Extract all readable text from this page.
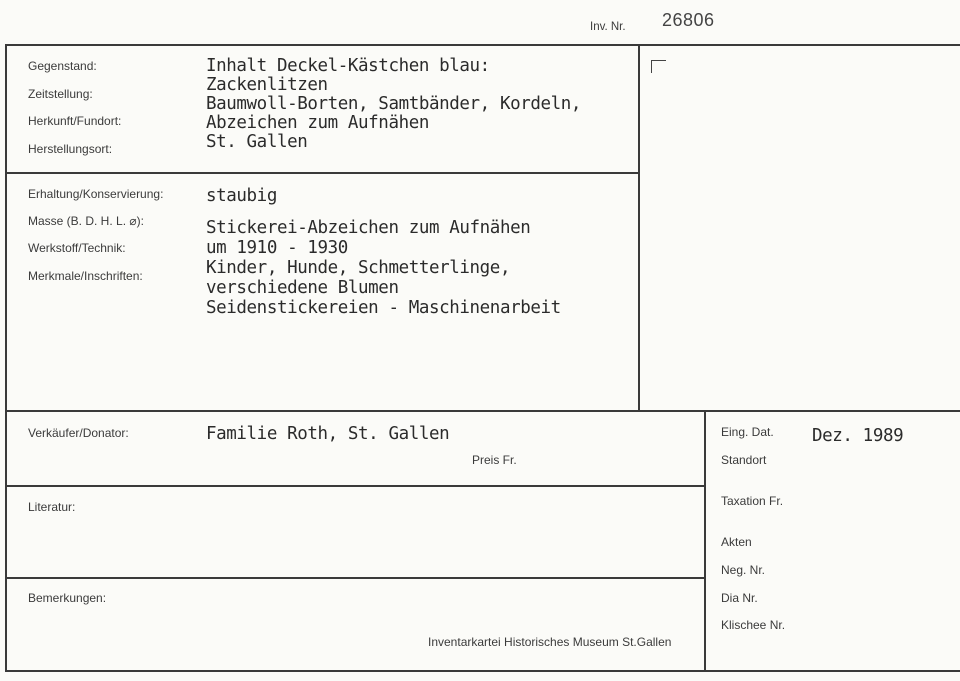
Inv. Nr. 26806
Gegenstand:
Zeitstellung:
Herkunft/Fundort:
Herstellungsort:
Inhalt Deckel-Kästchen blau:
Zackenlitzen
Baumwoll-Borten, Samtbänder, Kordeln,
Abzeichen zum Aufnähen
St. Gallen
Erhaltung/Konservierung:
Masse (B. D. H. L. ⌀):
Werkstoff/Technik:
Merkmale/Inschriften:
staubig
Stickerei-Abzeichen zum Aufnähen
um 1910 - 1930
Kinder, Hunde, Schmetterlinge,
verschiedene Blumen
Seidenstickereien - Maschinenarbeit
Verkäufer/Donator:	Familie Roth, St. Gallen
Preis Fr.
Literatur:
Bemerkungen:
Inventarkartei Historisches Museum St.Gallen
Eing. Dat. Dez. 1989
Standort
Taxation Fr.
Akten
Neg. Nr.
Dia Nr.
Klischee Nr.
